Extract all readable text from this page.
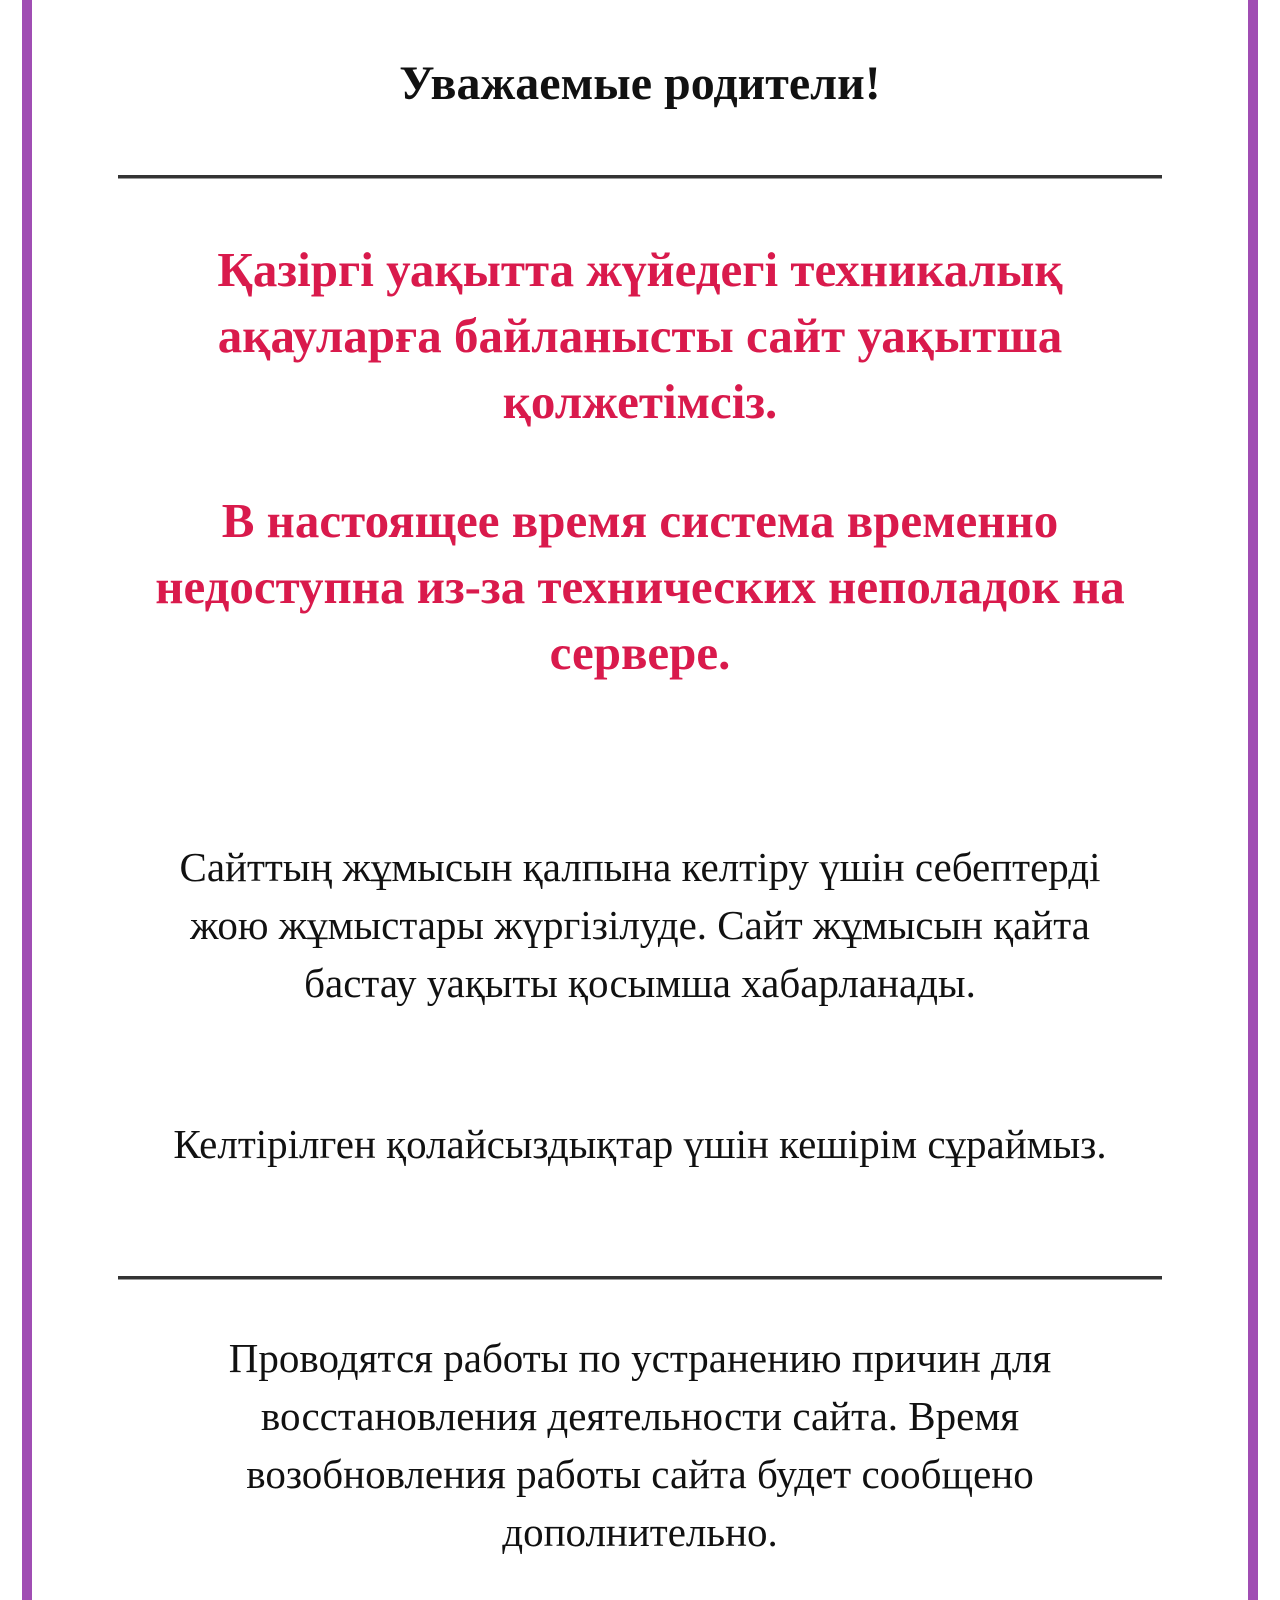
Уважаемые родители!

Қазіргі уақытта жүйедегі техникалық ақауларға байланысты сайт уақытша қолжетімсіз.

В настоящее время система временно недоступна из-за технических неполадок на сервере.

Сайттың жұмысын қалпына келтіру үшін себептерді жою жұмыстары жүргізілуде. Сайт жұмысын қайта бастау уақыты қосымша хабарланады.

Келтірілген қолайсыздықтар үшін кешірім сұраймыз.

Проводятся работы по устранению причин для восстановления деятельности сайта. Время возобновления работы сайта будет сообщено дополнительно.
